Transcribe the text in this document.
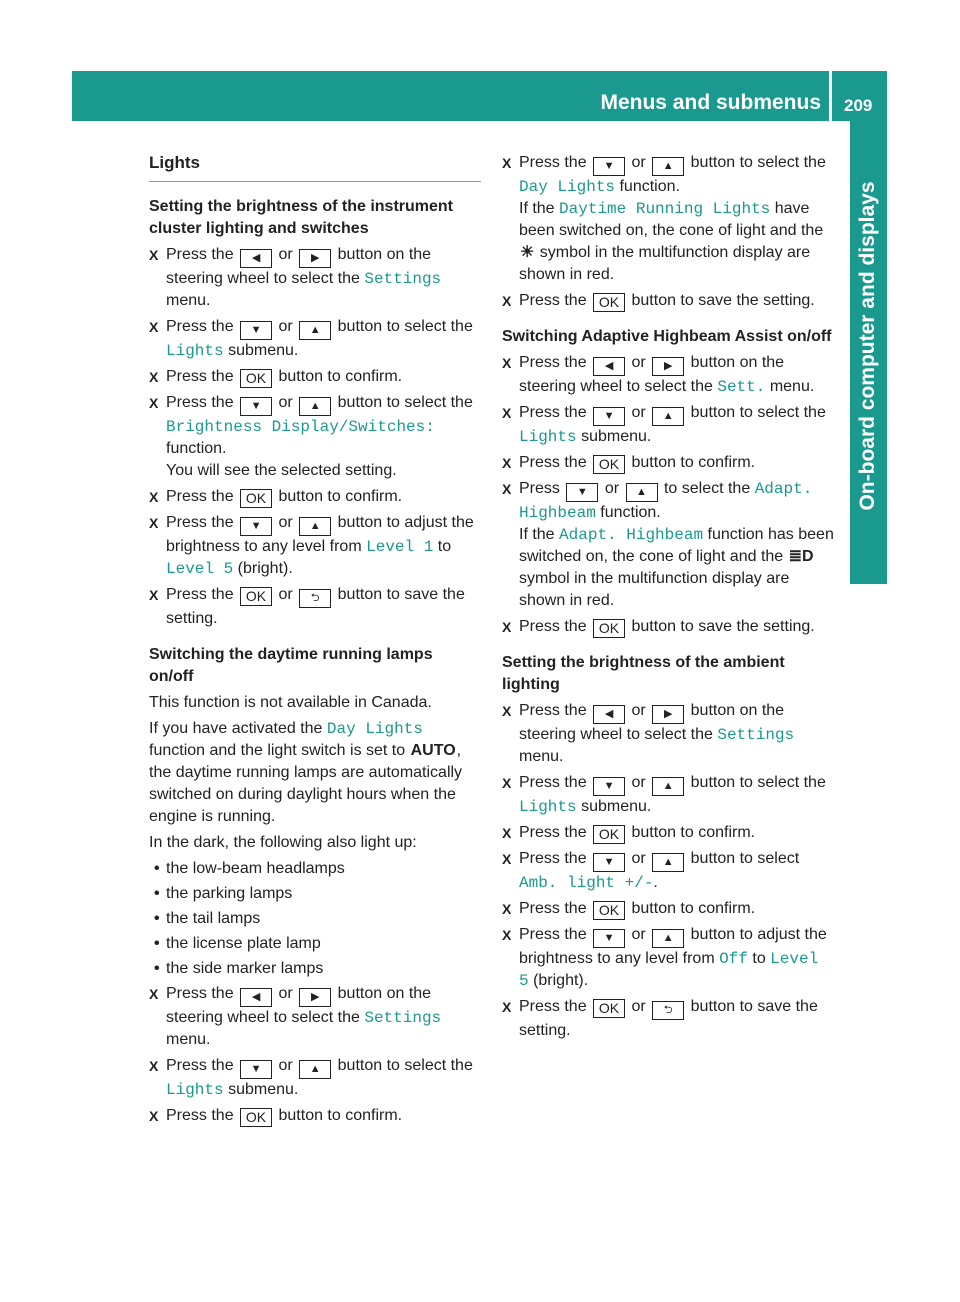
Menus and submenus 209
On-board computer and displays
Lights
Setting the brightness of the instrument cluster lighting and switches
X Press the ◀ or ▶ button on the steering wheel to select the Settings menu.
X Press the ▼ or ▲ button to select the Lights submenu.
X Press the OK button to confirm.
X Press the ▼ or ▲ button to select the Brightness Display/Switches: function.
You will see the selected setting.
X Press the OK button to confirm.
X Press the ▼ or ▲ button to adjust the brightness to any level from Level 1 to Level 5 (bright).
X Press the OK or ⮌ button to save the setting.
Switching the daytime running lamps on/off

This function is not available in Canada.

If you have activated the Day Lights function and the light switch is set to AUTO, the daytime running lamps are automatically switched on during daylight hours when the engine is running.

In the dark, the following also light up:

• the low-beam headlamps
• the parking lamps
• the tail lamps
• the license plate lamp
• the side marker lamps
X Press the ◀ or ▶ button on the steering wheel to select the Settings menu.
X Press the ▼ or ▲ button to select the Lights submenu.
X Press the OK button to confirm.
X Press the ▼ or ▲ button to select the Day Lights function.
If the Daytime Running Lights have been switched on, the cone of light and the ☀ symbol in the multifunction display are shown in red.
X Press the OK button to save the setting.
Switching Adaptive Highbeam Assist on/off
X Press the ◀ or ▶ button on the steering wheel to select the Sett. menu.
X Press the ▼ or ▲ button to select the Lights submenu.
X Press the OK button to confirm.
X Press ▼ or ▲ to select the Adapt. Highbeam function.
If the Adapt. Highbeam function has been switched on, the cone of light and the ≣D symbol in the multifunction display are shown in red.
X Press the OK button to save the setting.
Setting the brightness of the ambient lighting
X Press the ◀ or ▶ button on the steering wheel to select the Settings menu.
X Press the ▼ or ▲ button to select the Lights submenu.
X Press the OK button to confirm.
X Press the ▼ or ▲ button to select Amb. light +/-.
X Press the OK button to confirm.
X Press the ▼ or ▲ button to adjust the brightness to any level from Off to Level 5 (bright).
X Press the OK or ⮌ button to save the setting.
